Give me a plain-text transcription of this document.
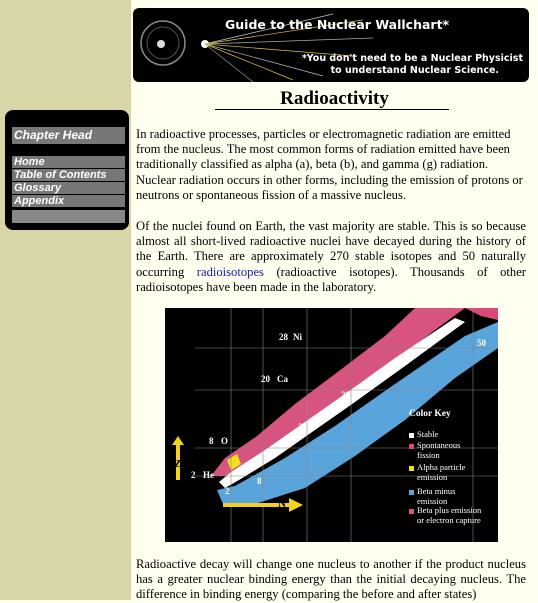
Guide to the Nuclear Wallchart*
*You don't need to be a Nuclear Physicist
to understand Nuclear Science.
Radioactivity
Chapter Head
Home
Table of Contents
Glossary
Appendix

In radioactive processes, particles or electromagnetic radiation are emitted from the nucleus. The most common forms of radiation emitted have been traditionally classified as alpha (a), beta (b), and gamma (g) radiation. Nuclear radiation occurs in other forms, including the emission of protons or neutrons or spontaneous fission of a massive nucleus.

Of the nuclei found on Earth, the vast majority are stable. This is so because almost all short-lived radioactive nuclei have decayed during the history of the Earth. There are approximately 270 stable isotopes and 50 naturally occurring radioisotopes (radioactive isotopes). Thousands of other radioisotopes have been made in the laboratory.

28 Ni
20 Ca
8 O
2 He
50
28
20
8
2
Z
N
Color Key
Stable
Spontaneous fission
Alpha particle emission
Beta minus emission
Beta plus emission or electron capture

Radioactive decay will change one nucleus to another if the product nucleus has a greater nuclear binding energy than the initial decaying nucleus. The difference in binding energy (comparing the before and after states)
